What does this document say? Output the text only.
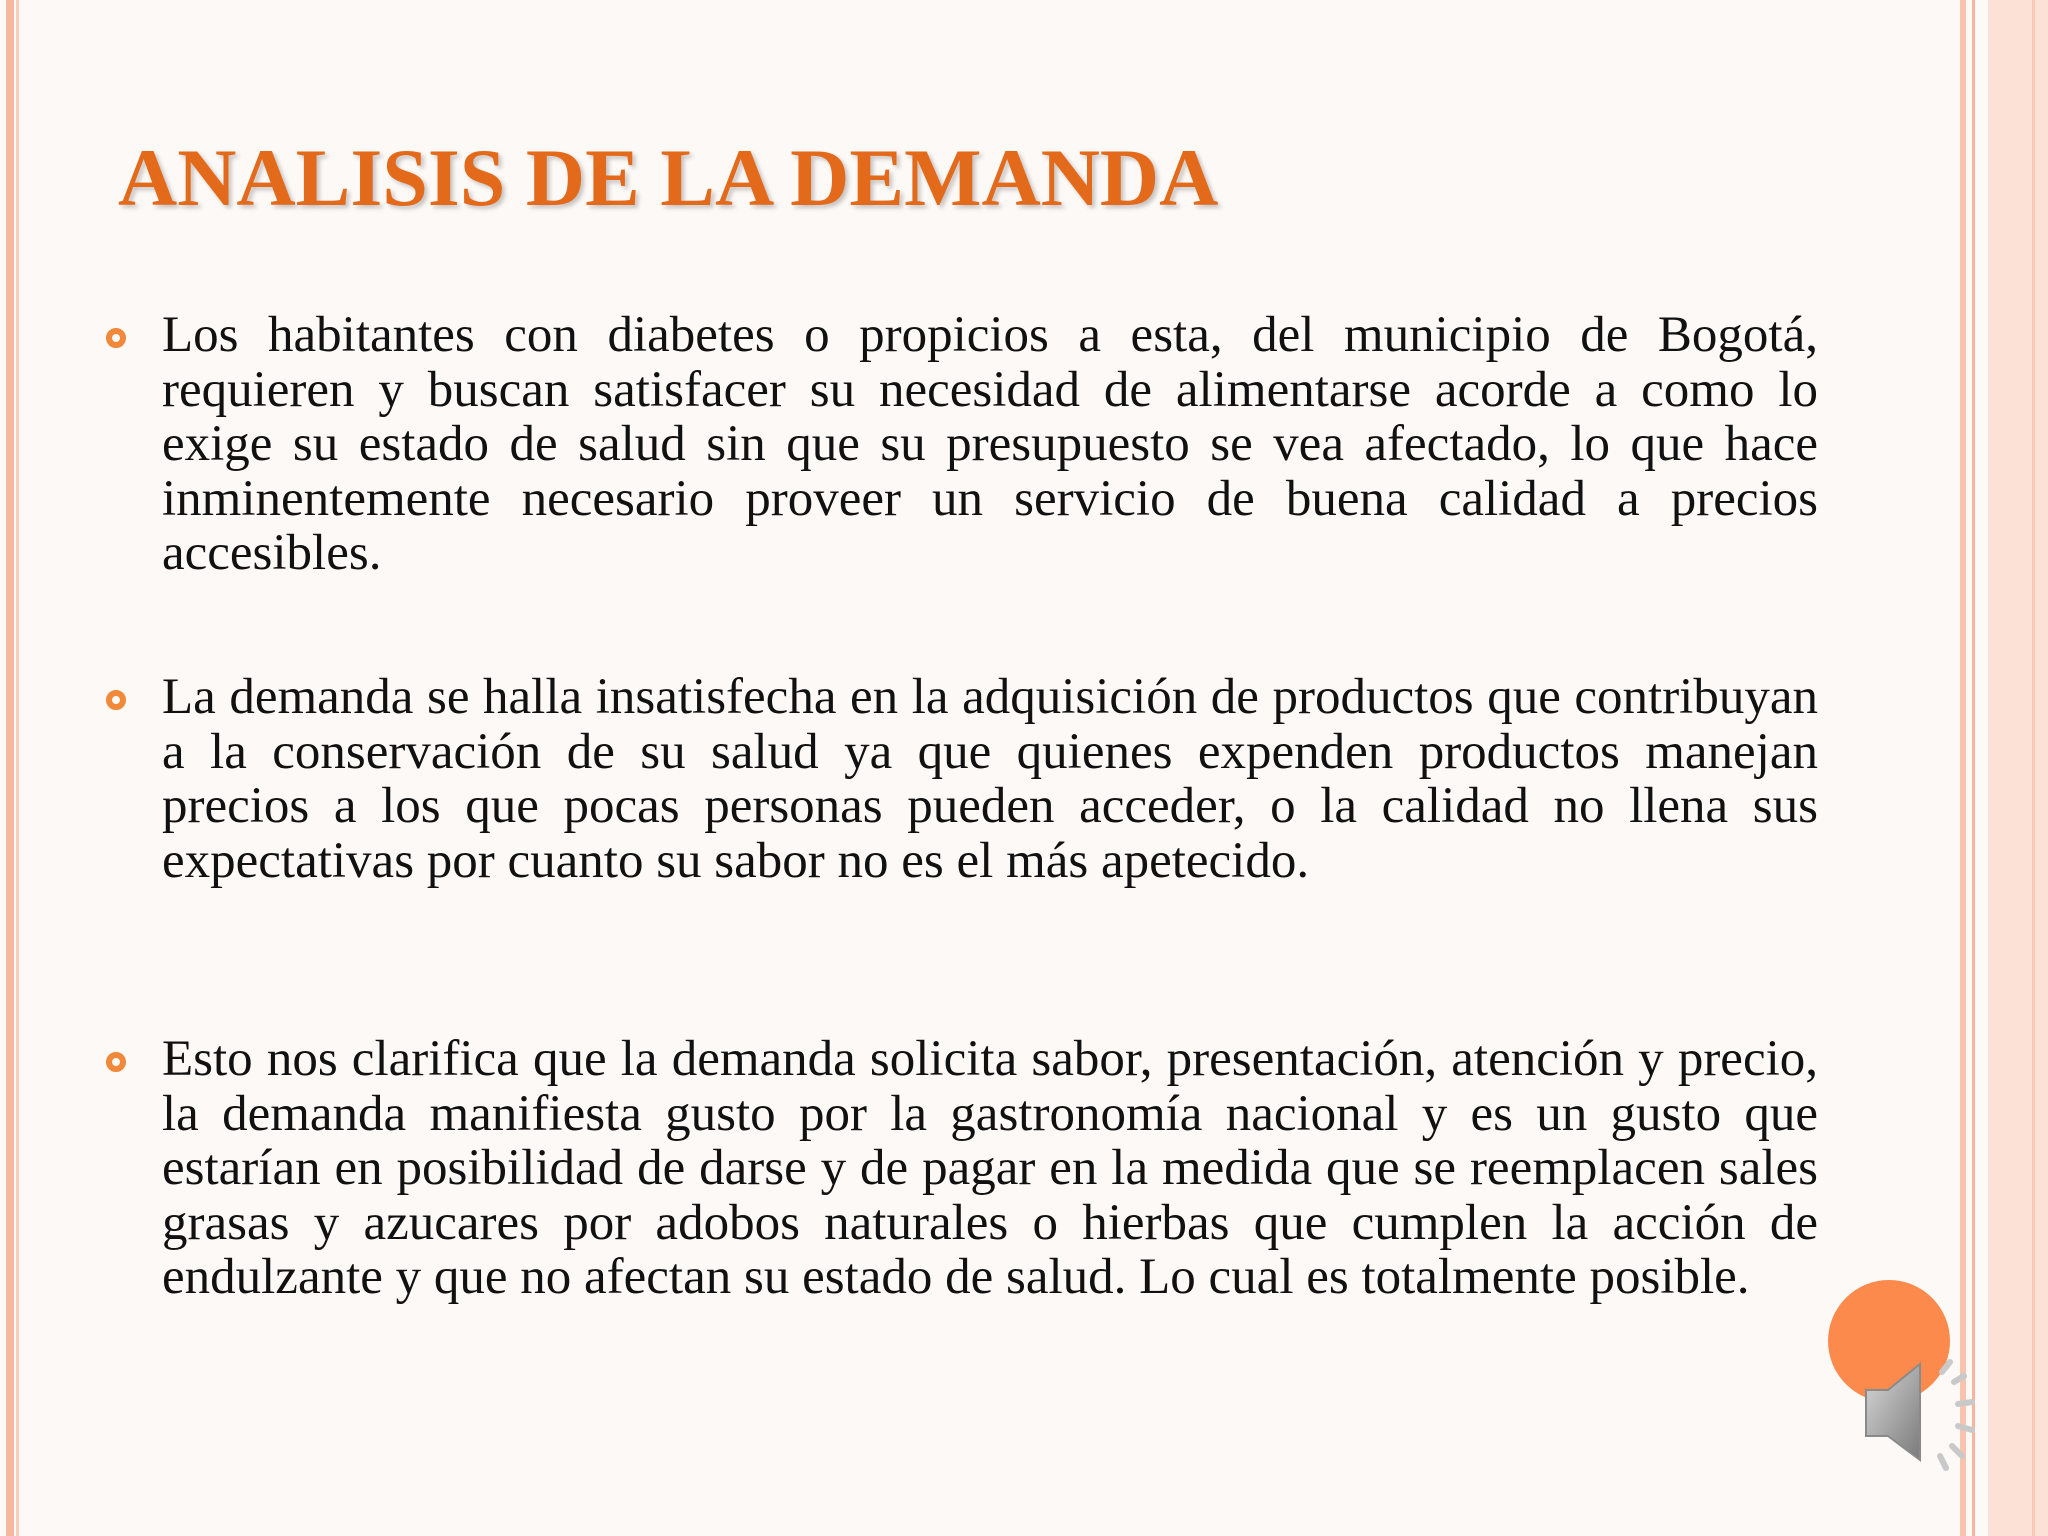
ANALISIS DE LA DEMANDA
Los habitantes con diabetes o propicios a esta, del municipio de Bogotá, requieren y buscan satisfacer su necesidad de alimentarse acorde a como lo exige su estado de salud sin que su presupuesto se vea afectado, lo que hace inminentemente necesario proveer un servicio de buena calidad a precios accesibles.
La demanda se halla insatisfecha en la adquisición de productos que contribuyan a la conservación de su salud ya que quienes expenden productos manejan precios a los que pocas personas pueden acceder, o la calidad no llena sus expectativas por cuanto su sabor no es el más apetecido.
Esto nos clarifica que la demanda solicita sabor, presentación, atención y precio, la demanda manifiesta gusto por la gastronomía nacional y es un gusto que estarían en posibilidad de darse y de pagar en la medida que se reemplacen sales grasas y azucares por adobos naturales o hierbas que cumplen la acción de endulzante y que no afectan su estado de salud. Lo cual es totalmente posible.
